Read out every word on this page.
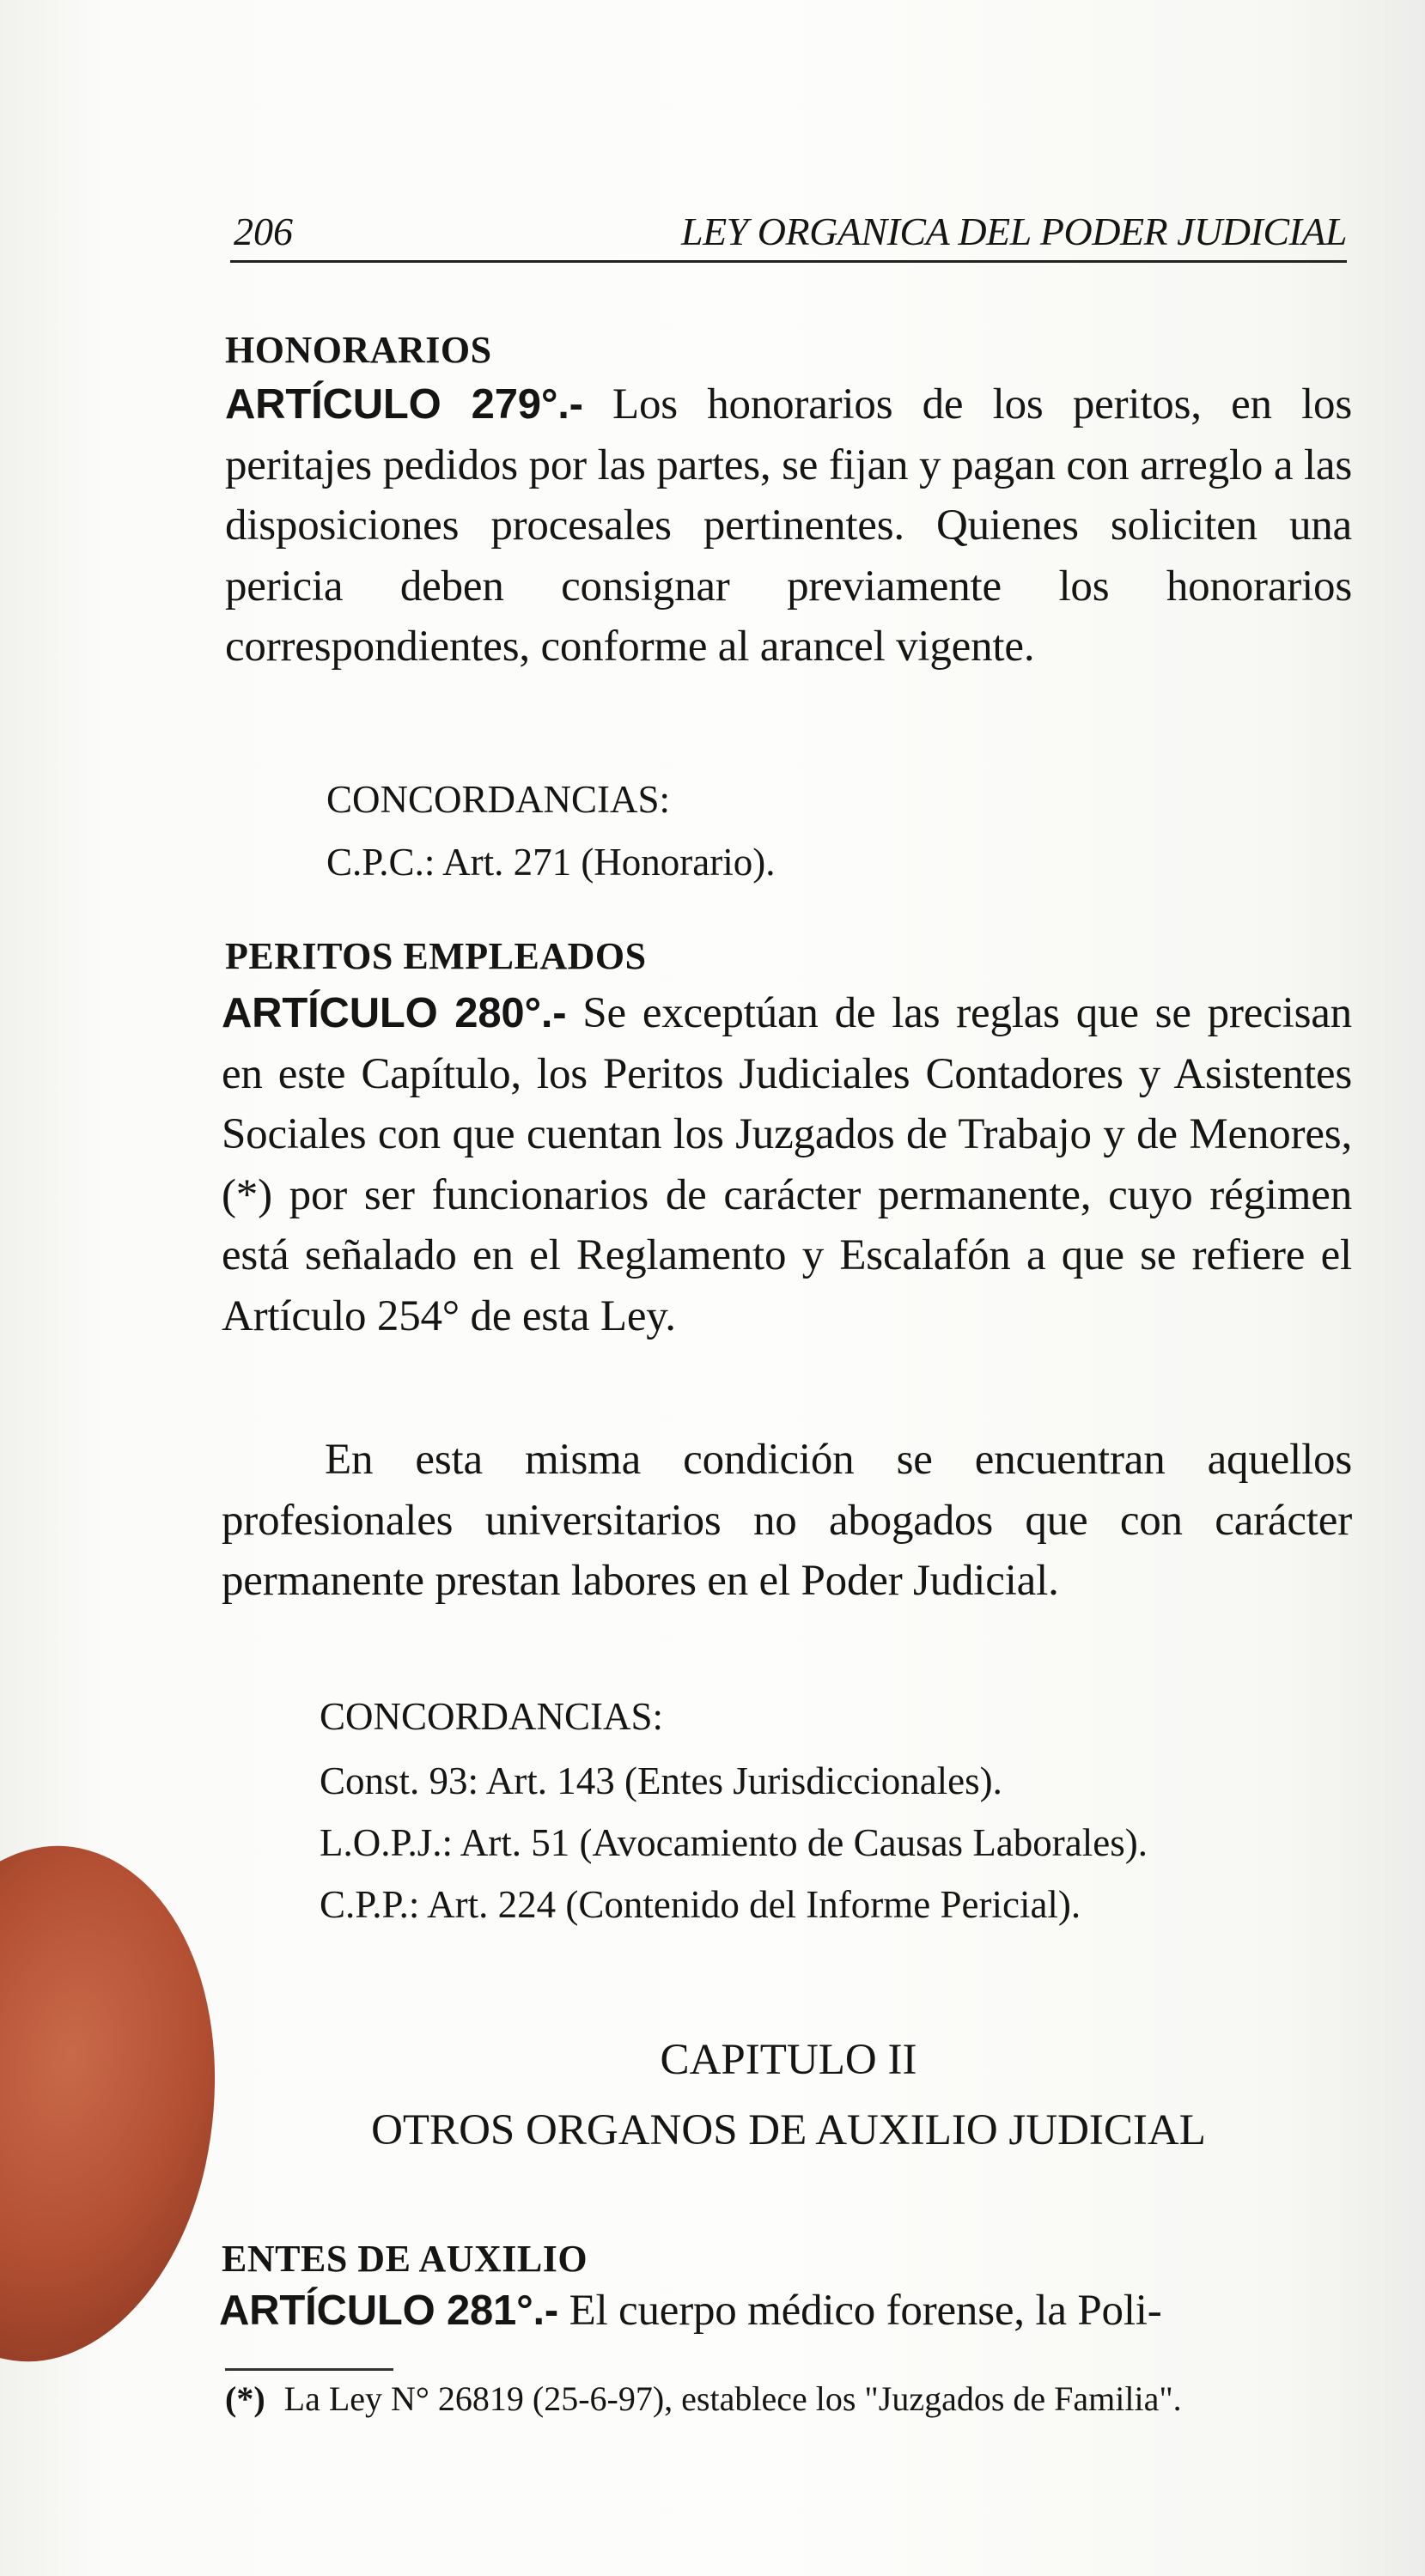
206	LEY ORGANICA DEL PODER JUDICIAL
HONORARIOS

ARTÍCULO 279°.- Los honorarios de los peritos, en los peritajes pedidos por las partes, se fijan y pagan con arreglo a las disposiciones procesales pertinentes. Quienes soliciten una pericia deben consignar previamente los honorarios correspondientes, conforme al arancel vigente.

CONCORDANCIAS:
C.P.C.: Art. 271 (Honorario).
PERITOS EMPLEADOS

ARTÍCULO 280°.- Se exceptúan de las reglas que se precisan en este Capítulo, los Peritos Judiciales Contadores y Asistentes Sociales con que cuentan los Juzgados de Trabajo y de Menores,(*) por ser funcionarios de carácter permanente, cuyo régimen está señalado en el Reglamento y Escalafón a que se refiere el Artículo 254° de esta Ley.

En esta misma condición se encuentran aquellos profesionales universitarios no abogados que con carácter permanente prestan labores en el Poder Judicial.

CONCORDANCIAS:
Const. 93: Art. 143 (Entes Jurisdiccionales).
L.O.P.J.: Art. 51 (Avocamiento de Causas Laborales).
C.P.P.: Art. 224 (Contenido del Informe Pericial).
CAPITULO II
OTROS ORGANOS DE AUXILIO JUDICIAL
ENTES DE AUXILIO

ARTÍCULO 281°.- El cuerpo médico forense, la Poli-

(*) La Ley N° 26819 (25-6-97), establece los "Juzgados de Familia".
